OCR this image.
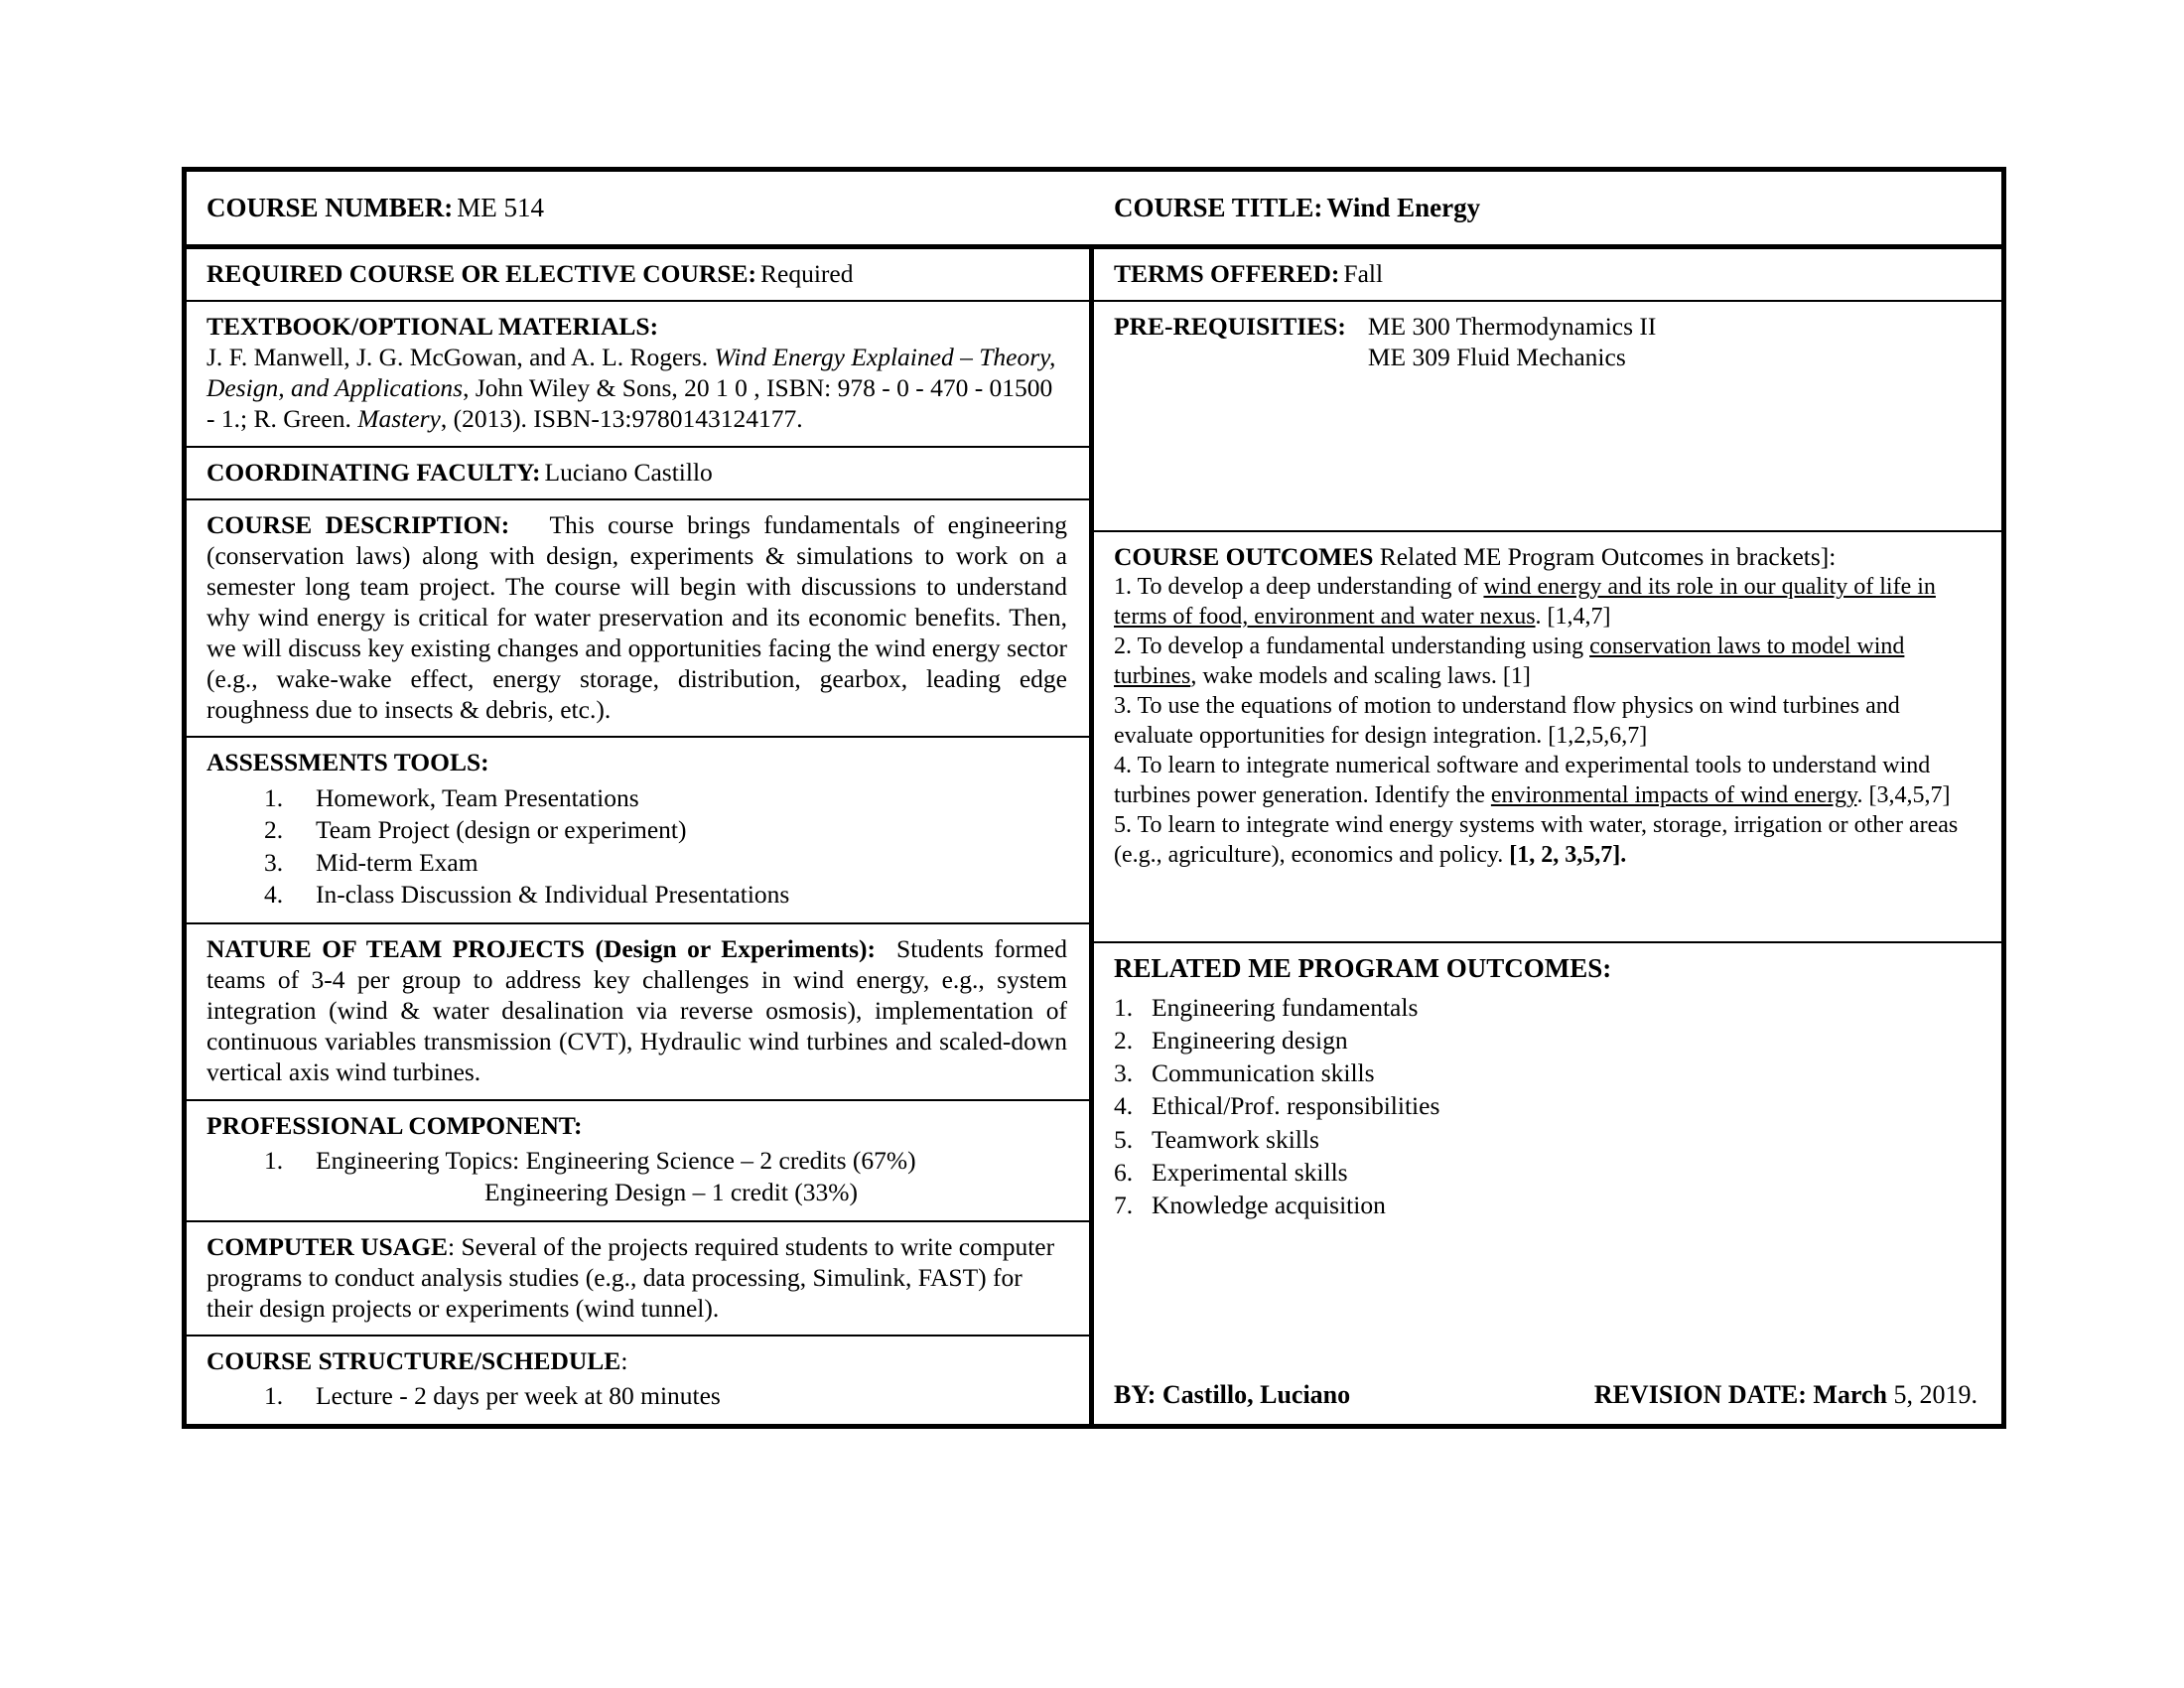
COURSE NUMBER: ME 514	COURSE TITLE: Wind Energy
REQUIRED COURSE OR ELECTIVE COURSE: Required
TEXTBOOK/OPTIONAL MATERIALS:
J. F. Manwell, J. G. McGowan, and A. L. Rogers. Wind Energy Explained – Theory, Design, and Applications, John Wiley & Sons, 20 1 0 , ISBN: 978 - 0 - 470 - 01500 - 1.; R. Green. Mastery, (2013). ISBN-13:9780143124177.
COORDINATING FACULTY: Luciano Castillo
COURSE DESCRIPTION: This course brings fundamentals of engineering (conservation laws) along with design, experiments & simulations to work on a semester long team project. The course will begin with discussions to understand why wind energy is critical for water preservation and its economic benefits. Then, we will discuss key existing changes and opportunities facing the wind energy sector (e.g., wake-wake effect, energy storage, distribution, gearbox, leading edge roughness due to insects & debris, etc.).
ASSESSMENTS TOOLS:
1.	Homework, Team Presentations
2.	Team Project (design or experiment)
3.	Mid-term Exam
4.	In-class Discussion & Individual Presentations
NATURE OF TEAM PROJECTS (Design or Experiments): Students formed teams of 3-4 per group to address key challenges in wind energy, e.g., system integration (wind & water desalination via reverse osmosis), implementation of continuous variables transmission (CVT), Hydraulic wind turbines and scaled-down vertical axis wind turbines.
PROFESSIONAL COMPONENT:
1.	Engineering Topics: Engineering Science – 2 credits (67%)
Engineering Design – 1 credit (33%)
COMPUTER USAGE: Several of the projects required students to write computer programs to conduct analysis studies (e.g., data processing, Simulink, FAST) for their design projects or experiments (wind tunnel).
COURSE STRUCTURE/SCHEDULE:
1.	Lecture - 2 days per week at 80 minutes
TERMS OFFERED: Fall
PRE-REQUISITIES: ME 300 Thermodynamics II
ME 309 Fluid Mechanics
COURSE OUTCOMES Related ME Program Outcomes in brackets]:

1. To develop a deep understanding of wind energy and its role in our quality of life in terms of food, environment and water nexus. [1,4,7]

2. To develop a fundamental understanding using conservation laws to model wind turbines, wake models and scaling laws. [1]

3. To use the equations of motion to understand flow physics on wind turbines and evaluate opportunities for design integration. [1,2,5,6,7]

4. To learn to integrate numerical software and experimental tools to understand wind turbines power generation. Identify the environmental impacts of wind energy. [3,4,5,7]

5. To learn to integrate wind energy systems with water, storage, irrigation or other areas (e.g., agriculture), economics and policy. [1, 2, 3,5,7].

RELATED ME PROGRAM OUTCOMES:
1. Engineering fundamentals
2. Engineering design
3. Communication skills
4. Ethical/Prof. responsibilities
5. Teamwork skills
6. Experimental skills
7. Knowledge acquisition
BY: Castillo, Luciano	REVISION DATE: March 5, 2019.
